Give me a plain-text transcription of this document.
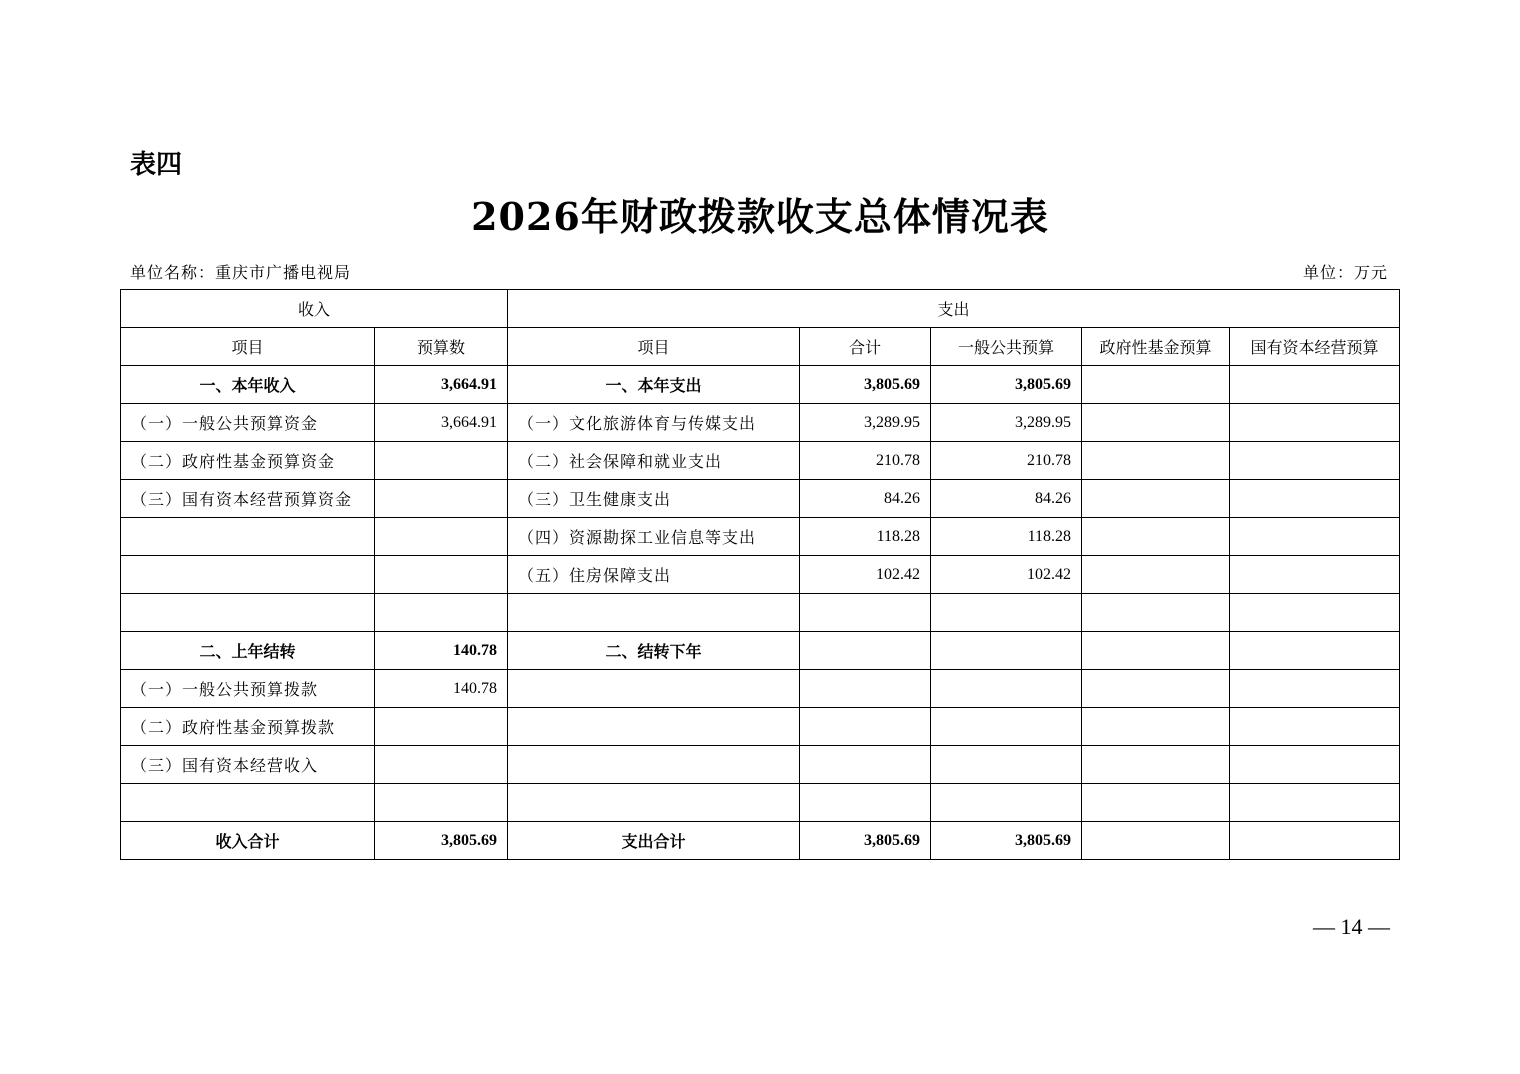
表四
2026年财政拨款收支总体情况表
单位名称：重庆市广播电视局	单位：万元
收入		支出				
项目	预算数	项目	合计	一般公共预算	政府性基金预算	国有资本经营预算
一、本年收入	3,664.91	一、本年支出	3,805.69	3,805.69		
（一）一般公共预算资金	3,664.91	（一）文化旅游体育与传媒支出	3,289.95	3,289.95		
（二）政府性基金预算资金		（二）社会保障和就业支出	210.78	210.78		
（三）国有资本经营预算资金		（三）卫生健康支出	84.26	84.26		
		（四）资源勘探工业信息等支出	118.28	118.28		
		（五）住房保障支出	102.42	102.42		

二、上年结转	140.78	二、结转下年				
（一）一般公共预算拨款	140.78					
（二）政府性基金预算拨款						
（三）国有资本经营收入						

收入合计	3,805.69	支出合计	3,805.69	3,805.69		
— 14 —
